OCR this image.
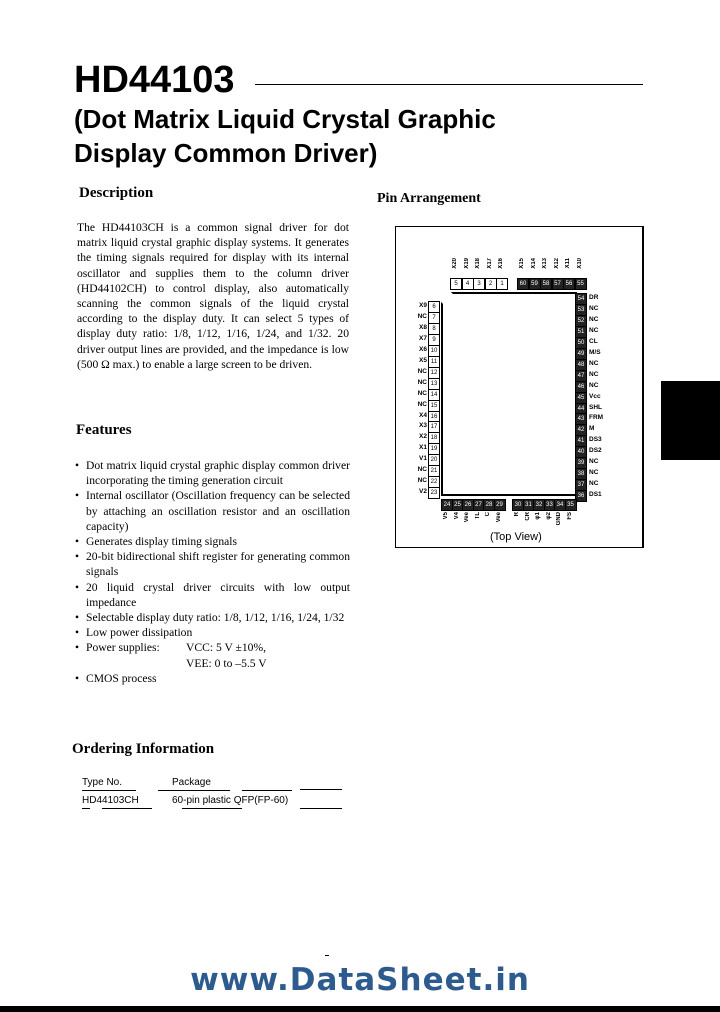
HD44103
(Dot Matrix Liquid Crystal Graphic
Display Common Driver)
Description
The HD44103CH is a common signal driver for dot matrix liquid crystal graphic display systems. It generates the timing signals required for display with its internal oscillator and supplies them to the column driver (HD44102CH) to control display, also automatically scanning the common signals of the liquid crystal according to the display duty. It can select 5 types of display duty ratio: 1/8, 1/12, 1/16, 1/24, and 1/32. 20 driver output lines are provided, and the impedance is low (500 Ω max.) to enable a large screen to be driven.
Features
• Dot matrix liquid crystal graphic display common driver incorporating the timing generation circuit
• Internal oscillator (Oscillation frequency can be selected by attaching an oscillation resistor and an oscillation capacity)
• Generates display timing signals
• 20-bit bidirectional shift register for generating common signals
• 20 liquid crystal driver circuits with low output impedance
• Selectable display duty ratio: 1/8, 1/12, 1/16, 1/24, 1/32
• Low power dissipation
• Power supplies:	VCC: 5 V ±10%,
VEE: 0 to –5.5 V
• CMOS process
Ordering Information
Type No.	Package
HD44103CH	60-pin plastic QFP(FP-60)
Pin Arrangement
5
X20
4
X19
3
X18
2
X17
1
X16
60
X15
59
X14
58
X13
57
X12
56
X11
55
X10
6
X9
7
NC
8
X8
9
X7
10
X6
11
X5
12
NC
13
NC
14
NC
15
NC
16
X4
17
X3
18
X2
19
X1
20
V1
21
NC
22
NC
23
V2
54 DR
53 NC
52 NC
51 NC
50 CL
49 M/S
48 NC
47 NC
46 NC
45 Vcc
44 SHL
43 FRM
42 M
41 DS3
40 DS2
39 NC
38 NC
37 NC
36 DS1
24
V5
25
V4
26
Vee
27
TL
28
C
29
Vee
30
R
31
CR
32
φ1
33
φ2
34
GND
35
FS
(Top View)
www.DataSheet.in
